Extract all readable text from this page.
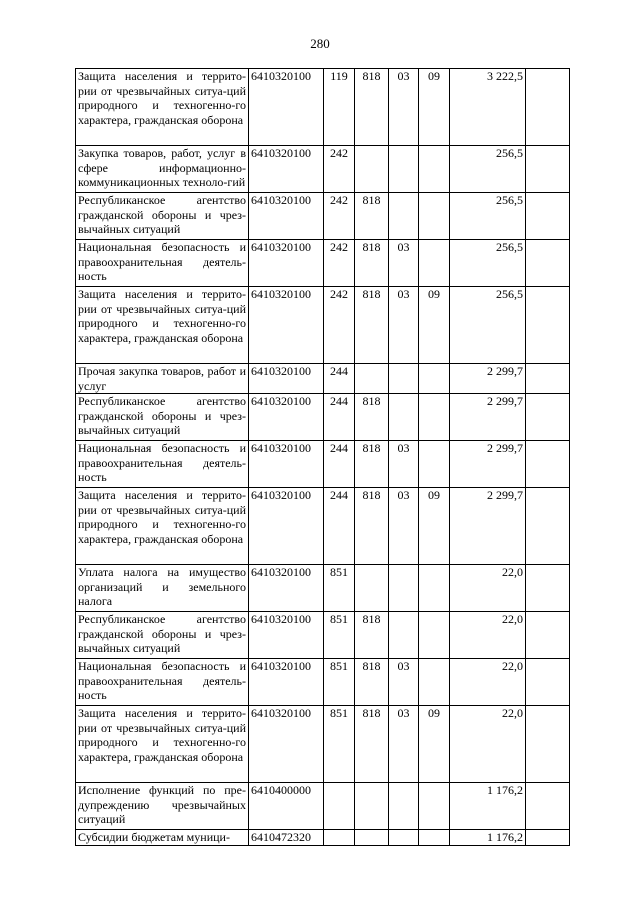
280
Защита населения и террито-рии от чрезвычайных ситуа-ций природного и техногенно-го характера, гражданская оборона	6410320100	119	818	03	09	3 222,5	
Закупка товаров, работ, услуг в сфере информационно-коммуникационных техноло-гий	6410320100	242				256,5	
Республиканское агентство гражданской обороны и чрез-вычайных ситуаций	6410320100	242	818			256,5	
Национальная безопасность и правоохранительная деятель-ность	6410320100	242	818	03		256,5	
Защита населения и террито-рии от чрезвычайных ситуа-ций природного и техногенно-го характера, гражданская оборона	6410320100	242	818	03	09	256,5	
Прочая закупка товаров, работ и услуг	6410320100	244				2 299,7	
Республиканское агентство гражданской обороны и чрез-вычайных ситуаций	6410320100	244	818			2 299,7	
Национальная безопасность и правоохранительная деятель-ность	6410320100	244	818	03		2 299,7	
Защита населения и террито-рии от чрезвычайных ситуа-ций природного и техногенно-го характера, гражданская оборона	6410320100	244	818	03	09	2 299,7	
Уплата налога на имущество организаций и земельного налога	6410320100	851				22,0	
Республиканское агентство гражданской обороны и чрез-вычайных ситуаций	6410320100	851	818			22,0	
Национальная безопасность и правоохранительная деятель-ность	6410320100	851	818	03		22,0	
Защита населения и террито-рии от чрезвычайных ситуа-ций природного и техногенно-го характера, гражданская оборона	6410320100	851	818	03	09	22,0	
Исполнение функций по пре-дупреждению чрезвычайных ситуаций	6410400000					1 176,2	
Субсидии бюджетам муници-	6410472320					1 176,2	
